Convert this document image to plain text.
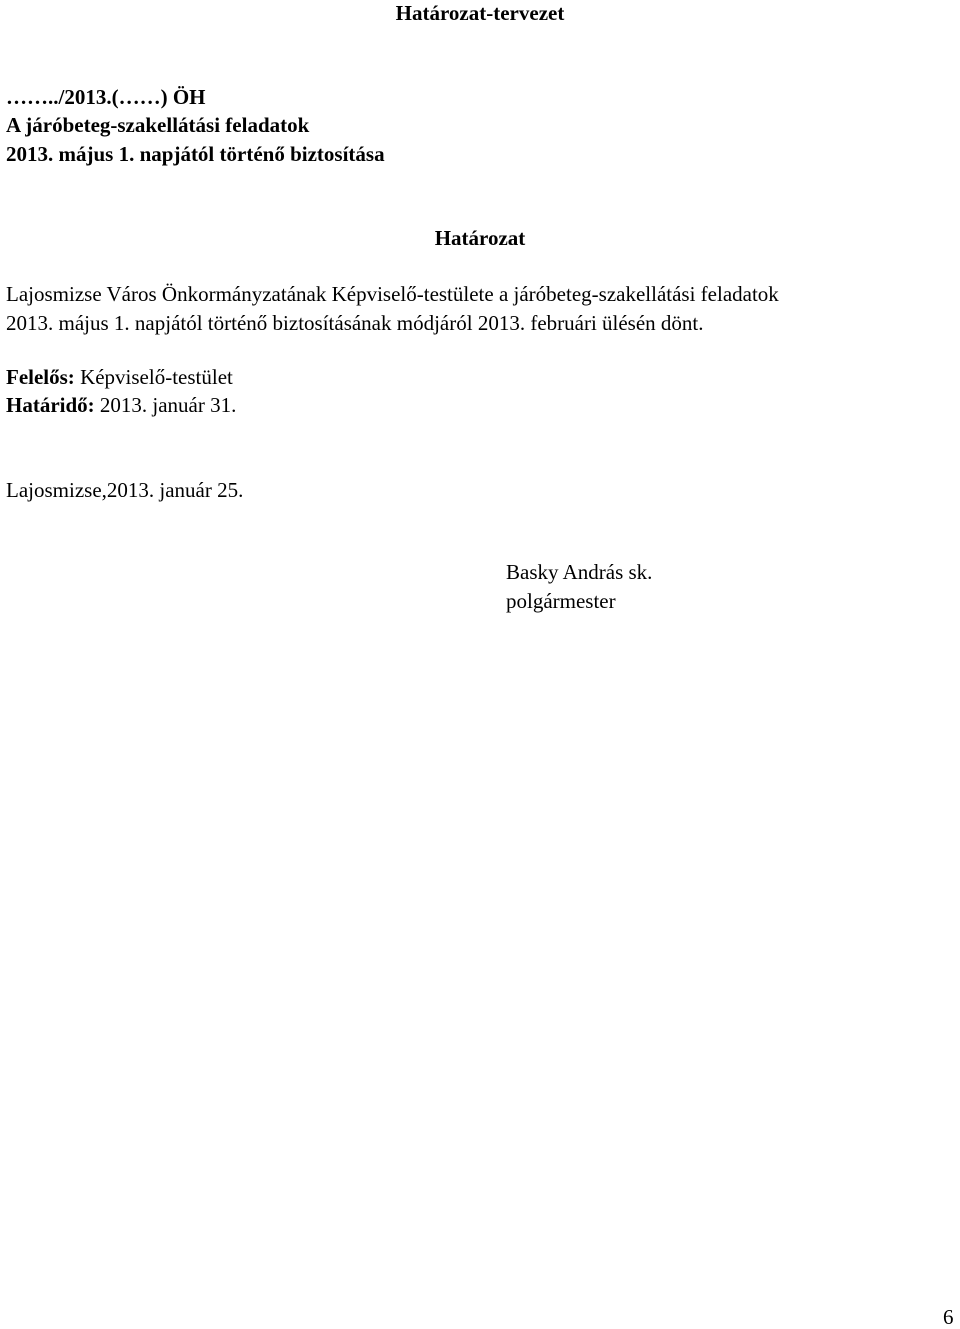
Határozat-tervezet
……../2013.(……) ÖH
A járóbeteg-szakellátási feladatok
2013. május 1. napjától történő biztosítása
Határozat
Lajosmizse Város Önkormányzatának Képviselő-testülete a járóbeteg-szakellátási feladatok
2013. május 1. napjától történő biztosításának módjáról 2013. februári ülésén dönt.
Felelős: Képviselő-testület
Határidő: 2013. január 31.
Lajosmizse,2013. január 25.
Basky András sk.
polgármester
6
